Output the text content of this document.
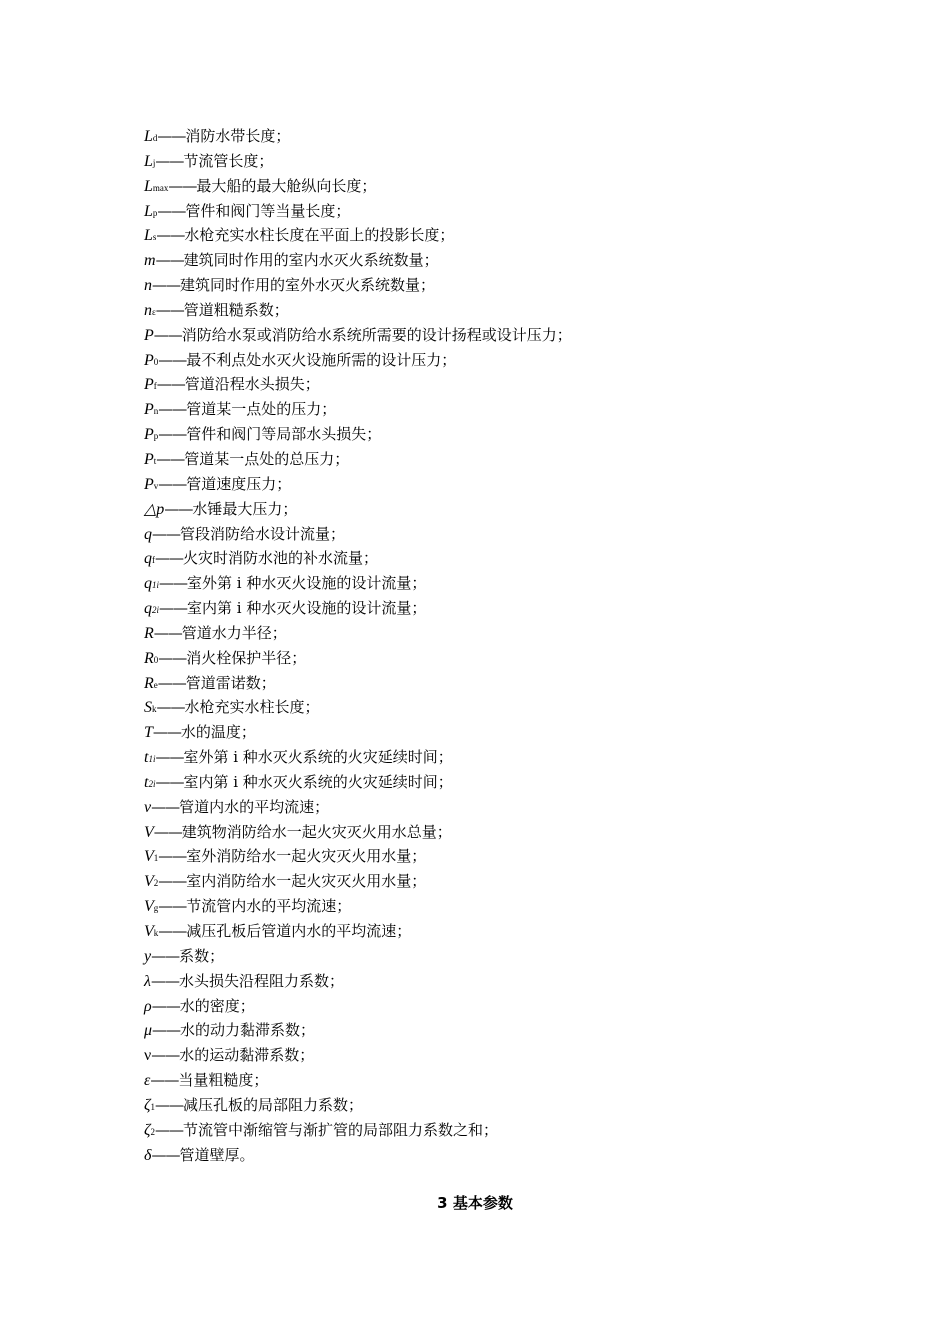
Ld——消防水带长度；
Lj——节流管长度；
Lmax——最大船的最大舱纵向长度；
Lp——管件和阀门等当量长度；
Ls——水枪充实水柱长度在平面上的投影长度；
m——建筑同时作用的室内水灭火系统数量；
n——建筑同时作用的室外水灭火系统数量；
nε——管道粗糙系数；
P——消防给水泵或消防给水系统所需要的设计扬程或设计压力；
P0——最不利点处水灭火设施所需的设计压力；
Pf——管道沿程水头损失；
Pn——管道某一点处的压力；
Pp——管件和阀门等局部水头损失；
Pt——管道某一点处的总压力；
Pv——管道速度压力；
△p——水锤最大压力；
q——管段消防给水设计流量；
qf——火灾时消防水池的补水流量；
q1i——室外第 i 种水灭火设施的设计流量；
q2i——室内第 i 种水灭火设施的设计流量；
R——管道水力半径；
R0——消火栓保护半径；
Re——管道雷诺数；
Sk——水枪充实水柱长度；
T——水的温度；
t1i——室外第 i 种水灭火系统的火灾延续时间；
t2i——室内第 i 种水灭火系统的火灾延续时间；
v——管道内水的平均流速；
V——建筑物消防给水一起火灾灭火用水总量；
V1——室外消防给水一起火灾灭火用水量；
V2——室内消防给水一起火灾灭火用水量；
Vg——节流管内水的平均流速；
Vk——减压孔板后管道内水的平均流速；
y——系数；
λ——水头损失沿程阻力系数；
ρ——水的密度；
μ——水的动力黏滞系数；
ν——水的运动黏滞系数；
ε——当量粗糙度；
ζ1——减压孔板的局部阻力系数；
ζ2——节流管中渐缩管与渐扩管的局部阻力系数之和；
δ——管道壁厚。
3 基本参数
